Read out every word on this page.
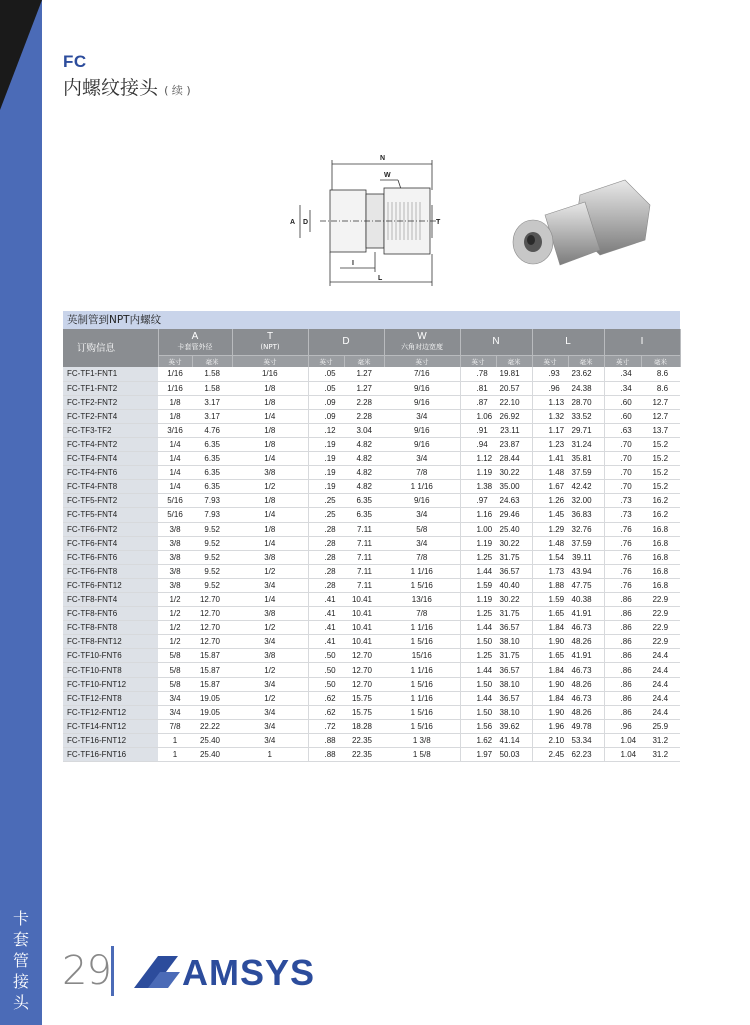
卡
套
管
接
头
FC
内螺纹接头 ( 续 )
N
W
A D	T
I
L
英制管到NPT内螺纹
订购信息	A
卡套管外径		T
(NPT)	D		W
六角对边宽度	N		L		I	
	英寸	毫米	英寸	英寸	毫米	英寸	英寸	毫米	英寸	毫米	英寸	毫米
FC-TF1-FNT1	1/16	1.58	1/16	.05	1.27	7/16	.78	19.81	.93	23.62	.34	8.6
FC-TF1-FNT2	1/16	1.58	1/8	.05	1.27	9/16	.81	20.57	.96	24.38	.34	8.6
FC-TF2-FNT2	1/8	3.17	1/8	.09	2.28	9/16	.87	22.10	1.13	28.70	.60	12.7
FC-TF2-FNT4	1/8	3.17	1/4	.09	2.28	3/4	1.06	26.92	1.32	33.52	.60	12.7
FC-TF3-TF2	3/16	4.76	1/8	.12	3.04	9/16	.91	23.11	1.17	29.71	.63	13.7
FC-TF4-FNT2	1/4	6.35	1/8	.19	4.82	9/16	.94	23.87	1.23	31.24	.70	15.2
FC-TF4-FNT4	1/4	6.35	1/4	.19	4.82	3/4	1.12	28.44	1.41	35.81	.70	15.2
FC-TF4-FNT6	1/4	6.35	3/8	.19	4.82	7/8	1.19	30.22	1.48	37.59	.70	15.2
FC-TF4-FNT8	1/4	6.35	1/2	.19	4.82	1 1/16	1.38	35.00	1.67	42.42	.70	15.2
FC-TF5-FNT2	5/16	7.93	1/8	.25	6.35	9/16	.97	24.63	1.26	32.00	.73	16.2
FC-TF5-FNT4	5/16	7.93	1/4	.25	6.35	3/4	1.16	29.46	1.45	36.83	.73	16.2
FC-TF6-FNT2	3/8	9.52	1/8	.28	7.11	5/8	1.00	25.40	1.29	32.76	.76	16.8
FC-TF6-FNT4	3/8	9.52	1/4	.28	7.11	3/4	1.19	30.22	1.48	37.59	.76	16.8
FC-TF6-FNT6	3/8	9.52	3/8	.28	7.11	7/8	1.25	31.75	1.54	39.11	.76	16.8
FC-TF6-FNT8	3/8	9.52	1/2	.28	7.11	1 1/16	1.44	36.57	1.73	43.94	.76	16.8
FC-TF6-FNT12	3/8	9.52	3/4	.28	7.11	1 5/16	1.59	40.40	1.88	47.75	.76	16.8
FC-TF8-FNT4	1/2	12.70	1/4	.41	10.41	13/16	1.19	30.22	1.59	40.38	.86	22.9
FC-TF8-FNT6	1/2	12.70	3/8	.41	10.41	7/8	1.25	31.75	1.65	41.91	.86	22.9
FC-TF8-FNT8	1/2	12.70	1/2	.41	10.41	1 1/16	1.44	36.57	1.84	46.73	.86	22.9
FC-TF8-FNT12	1/2	12.70	3/4	.41	10.41	1 5/16	1.50	38.10	1.90	48.26	.86	22.9
FC-TF10-FNT6	5/8	15.87	3/8	.50	12.70	15/16	1.25	31.75	1.65	41.91	.86	24.4
FC-TF10-FNT8	5/8	15.87	1/2	.50	12.70	1 1/16	1.44	36.57	1.84	46.73	.86	24.4
FC-TF10-FNT12	5/8	15.87	3/4	.50	12.70	1 5/16	1.50	38.10	1.90	48.26	.86	24.4
FC-TF12-FNT8	3/4	19.05	1/2	.62	15.75	1 1/16	1.44	36.57	1.84	46.73	.86	24.4
FC-TF12-FNT12	3/4	19.05	3/4	.62	15.75	1 5/16	1.50	38.10	1.90	48.26	.86	24.4
FC-TF14-FNT12	7/8	22.22	3/4	.72	18.28	1 5/16	1.56	39.62	1.96	49.78	.96	25.9
FC-TF16-FNT12	1	25.40	3/4	.88	22.35	1 3/8	1.62	41.14	2.10	53.34	1.04	31.2
FC-TF16-FNT16	1	25.40	1	.88	22.35	1 5/8	1.97	50.03	2.45	62.23	1.04	31.2
29 AMSYS
